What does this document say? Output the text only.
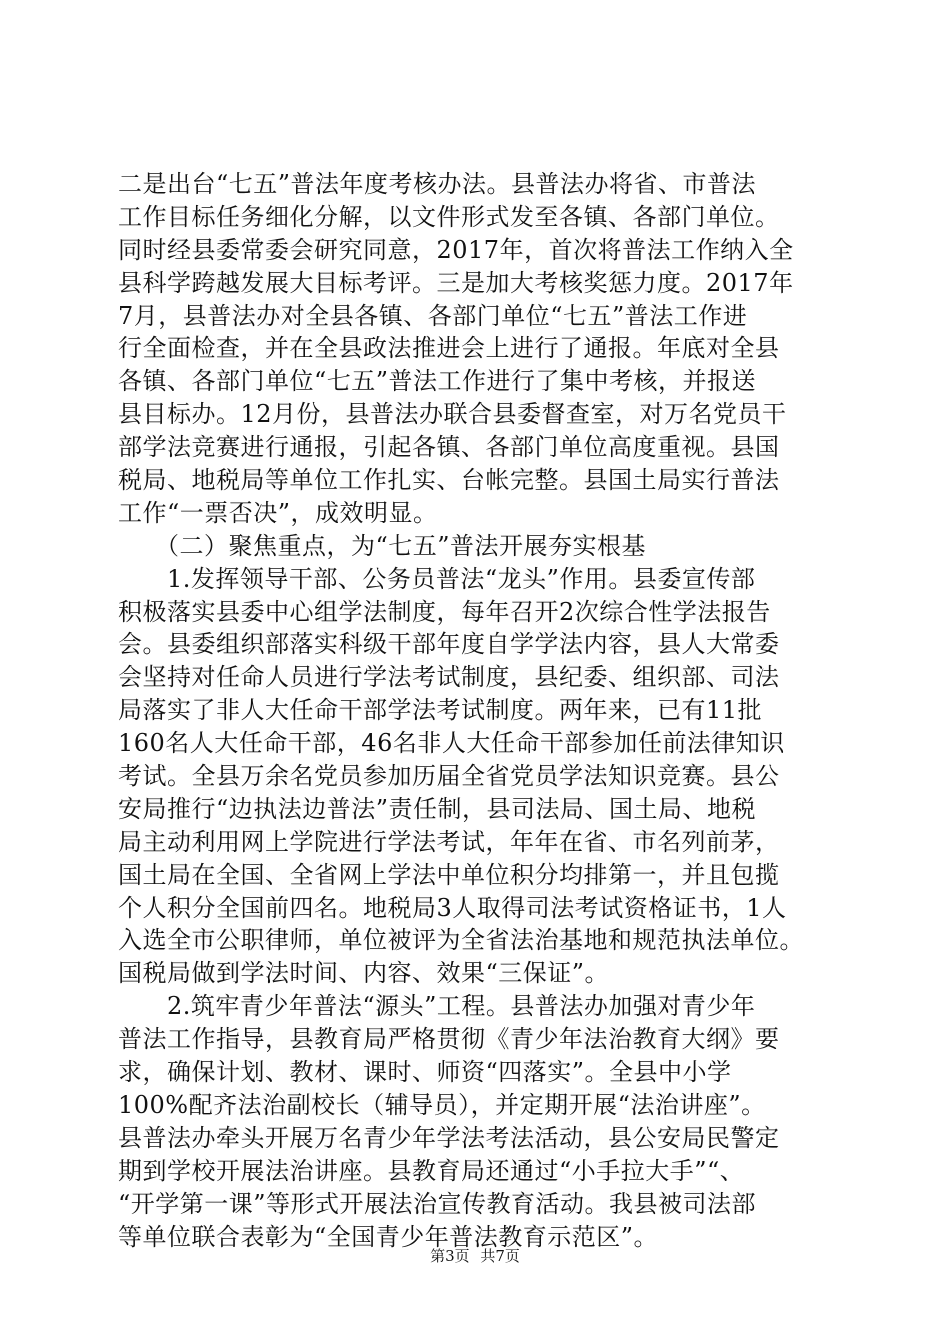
二是出台“七五”普法年度考核办法。县普法办将省、市普法
工作目标任务细化分解，以文件形式发至各镇、各部门单位。
同时经县委常委会研究同意，2017年，首次将普法工作纳入全
县科学跨越发展大目标考评。三是加大考核奖惩力度。2017年
7月，县普法办对全县各镇、各部门单位“七五”普法工作进
行全面检查，并在全县政法推进会上进行了通报。年底对全县
各镇、各部门单位“七五”普法工作进行了集中考核，并报送
县目标办。12月份，县普法办联合县委督查室，对万名党员干
部学法竞赛进行通报，引起各镇、各部门单位高度重视。县国
税局、地税局等单位工作扎实、台帐完整。县国土局实行普法
工作“一票否决”，成效明显。
　　（二）聚焦重点，为“七五”普法开展夯实根基
　　1.发挥领导干部、公务员普法“龙头”作用。县委宣传部
积极落实县委中心组学法制度，每年召开2次综合性学法报告
会。县委组织部落实科级干部年度自学学法内容，县人大常委
会坚持对任命人员进行学法考试制度，县纪委、组织部、司法
局落实了非人大任命干部学法考试制度。两年来，已有11批
160名人大任命干部，46名非人大任命干部参加任前法律知识
考试。全县万余名党员参加历届全省党员学法知识竞赛。县公
安局推行“边执法边普法”责任制，县司法局、国土局、地税
局主动利用网上学院进行学法考试，年年在省、市名列前茅，
国土局在全国、全省网上学法中单位积分均排第一，并且包揽
个人积分全国前四名。地税局3人取得司法考试资格证书，1人
入选全市公职律师，单位被评为全省法治基地和规范执法单位。
国税局做到学法时间、内容、效果“三保证”。
　　2.筑牢青少年普法“源头”工程。县普法办加强对青少年
普法工作指导，县教育局严格贯彻《青少年法治教育大纲》要
求，确保计划、教材、课时、师资“四落实”。全县中小学
100%配齐法治副校长（辅导员），并定期开展“法治讲座”。
县普法办牵头开展万名青少年学法考法活动，县公安局民警定
期到学校开展法治讲座。县教育局还通过“小手拉大手”“、
“开学第一课”等形式开展法治宣传教育活动。我县被司法部
等单位联合表彰为“全国青少年普法教育示范区”。
第3页 共7页
